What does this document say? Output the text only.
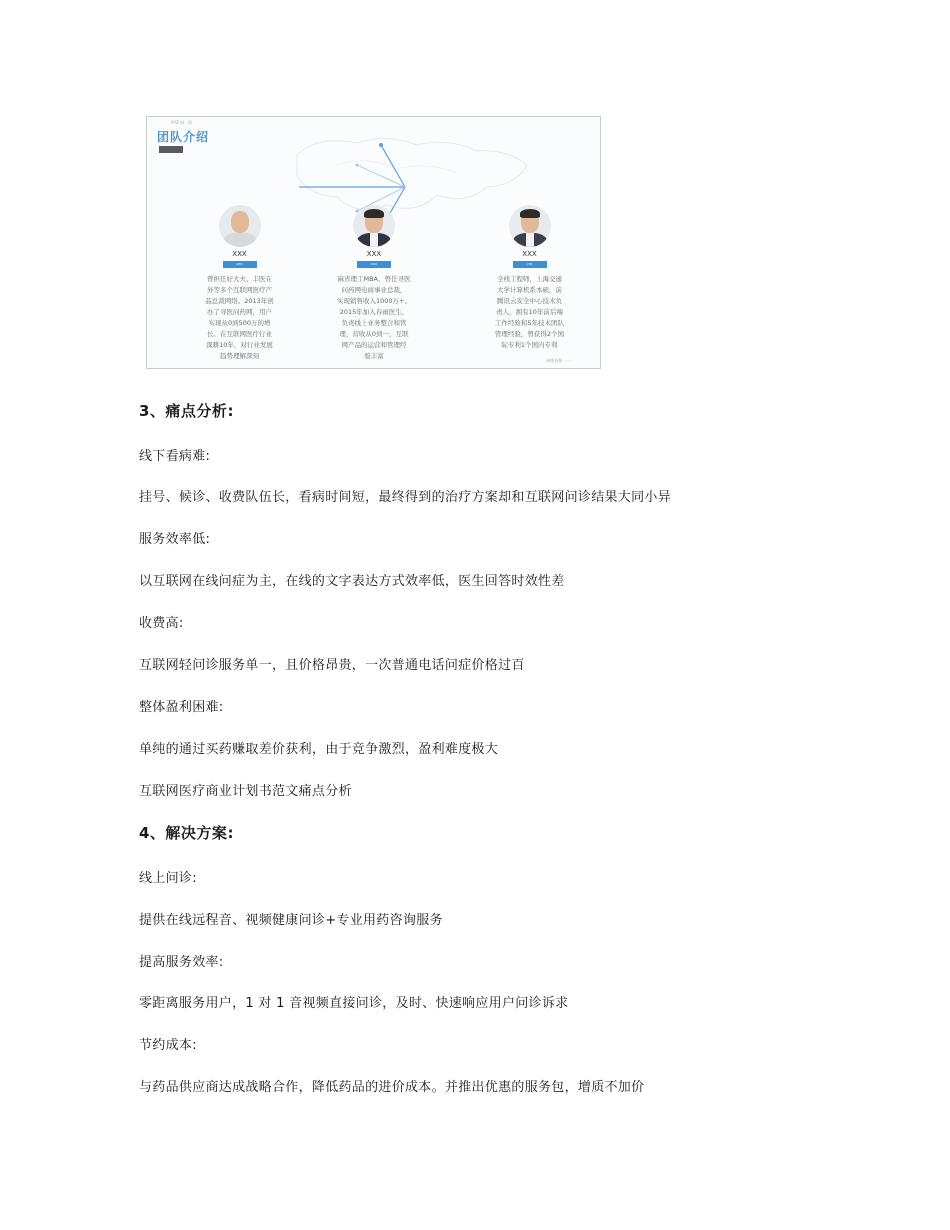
XYZ 网 · 团
团队介绍
XXX
CEO
曾担任好大夫、丰医在
外等多个互联网医疗产
品总裁网络。2013年创
办了寻医问药网，用户
实现从0到500万的增
长。在互联网医疗行业
深耕10年，对行业发展
趋势理解深刻
XXX
COO
麻省理工MBA，曾任寻医
问药网电商事业总裁，
实现销售收入1000万+。
2015年加入春雨医生，
负责线上业务整合和管
理，营收从0到一，互联
网产品的运营和管理经
验丰富
XXX
CTO
全栈工程师，上海交通
大学计算机系本硕，前
腾讯云安全中心技术负
责人，拥有10年前后端
工作经验和5年技术团队
管理经验，曾获得2个国
际专利1个国内专利
网络资源 · · ·
3、痛点分析:
线下看病难:
挂号、候诊、收费队伍长，看病时间短，最终得到的治疗方案却和互联网问诊结果大同小异
服务效率低:
以互联网在线问症为主，在线的文字表达方式效率低，医生回答时效性差
收费高:
互联网轻问诊服务单一，且价格昂贵，一次普通电话问症价格过百
整体盈利困难:
单纯的通过买药赚取差价获利，由于竞争激烈，盈利难度极大
互联网医疗商业计划书范文痛点分析
4、解决方案:
线上问诊:
提供在线远程音、视频健康问诊+专业用药咨询服务
提高服务效率:
零距离服务用户，1 对 1 音视频直接问诊，及时、快速响应用户问诊诉求
节约成本:
与药品供应商达成战略合作，降低药品的进价成本。并推出优惠的服务包，增质不加价
